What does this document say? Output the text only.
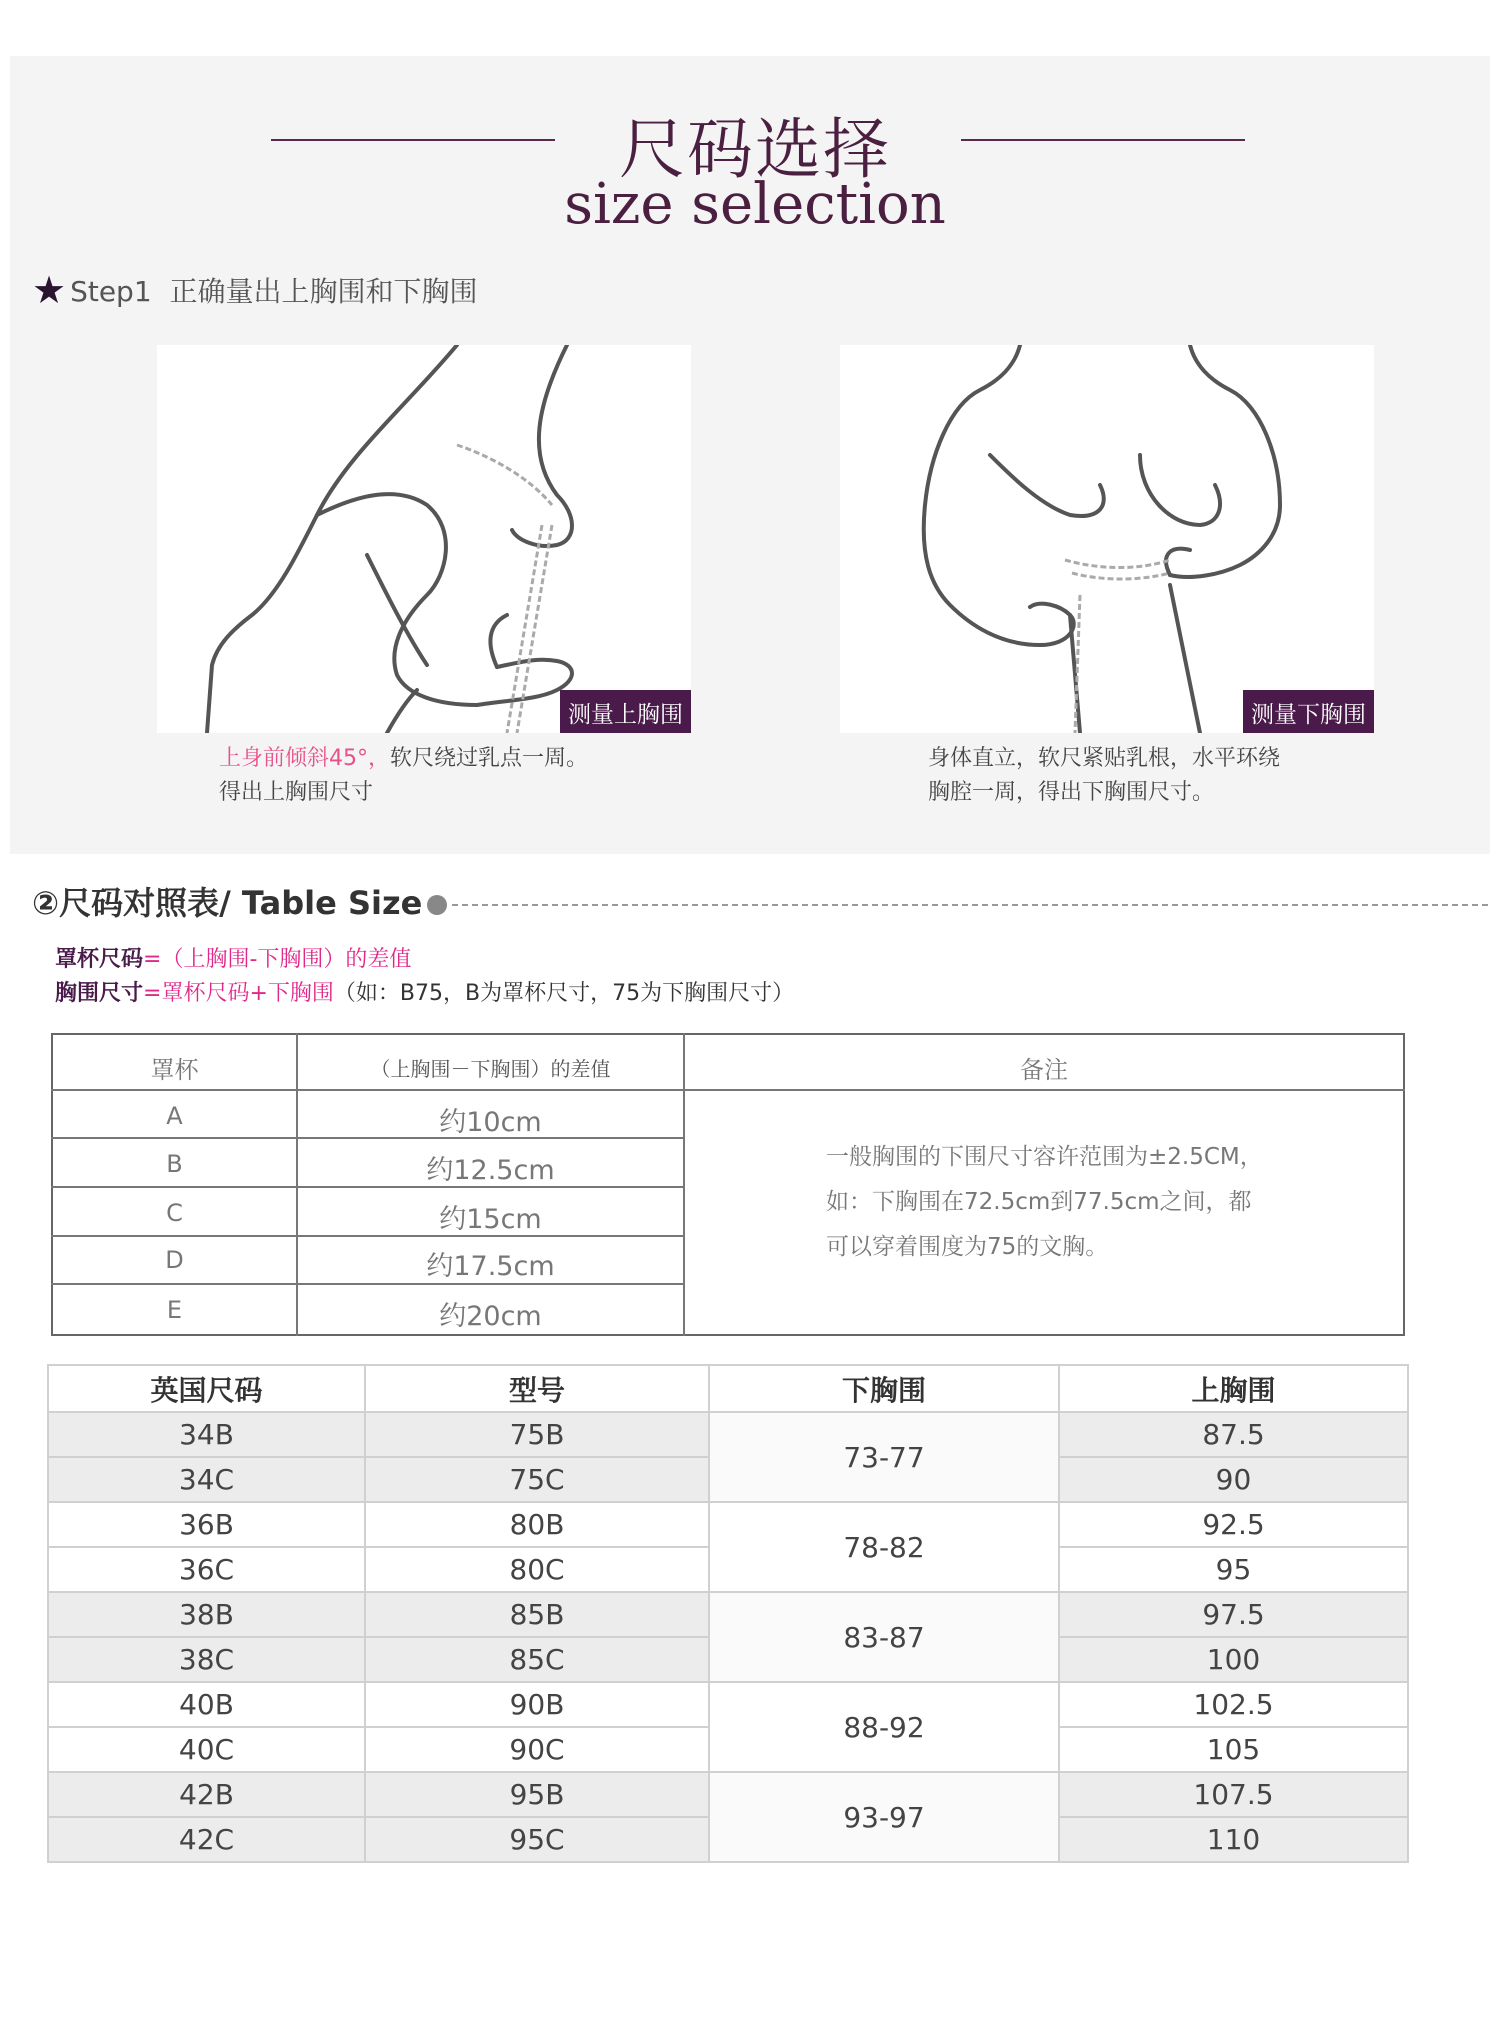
尺码选择
size selection
★ Step1 正确量出上胸围和下胸围
测量上胸围
上身前倾斜45°，软尺绕过乳点一周。
得出上胸围尺寸
测量下胸围
身体直立，软尺紧贴乳根，水平环绕
胸腔一周，得出下胸围尺寸。
②尺码对照表/ Table Size
罩杯尺码=（上胸围-下胸围）的差值
胸围尺寸=罩杯尺码+下胸围（如：B75，B为罩杯尺寸，75为下胸围尺寸）
罩杯	（上胸围－下胸围）的差值	备注
A	约10cm
B	约12.5cm
C	约15cm
D	约17.5cm
E	约20cm
一般胸围的下围尺寸容许范围为±2.5CM，
如：下胸围在72.5cm到77.5cm之间，都
可以穿着围度为75的文胸。
英国尺码	型号	下胸围	上胸围
34B	75B	73-77	87.5
34C	75C		90
36B	80B	78-82	92.5
36C	80C		95
38B	85B	83-87	97.5
38C	85C		100
40B	90B	88-92	102.5
40C	90C		105
42B	95B	93-97	107.5
42C	95C		110
